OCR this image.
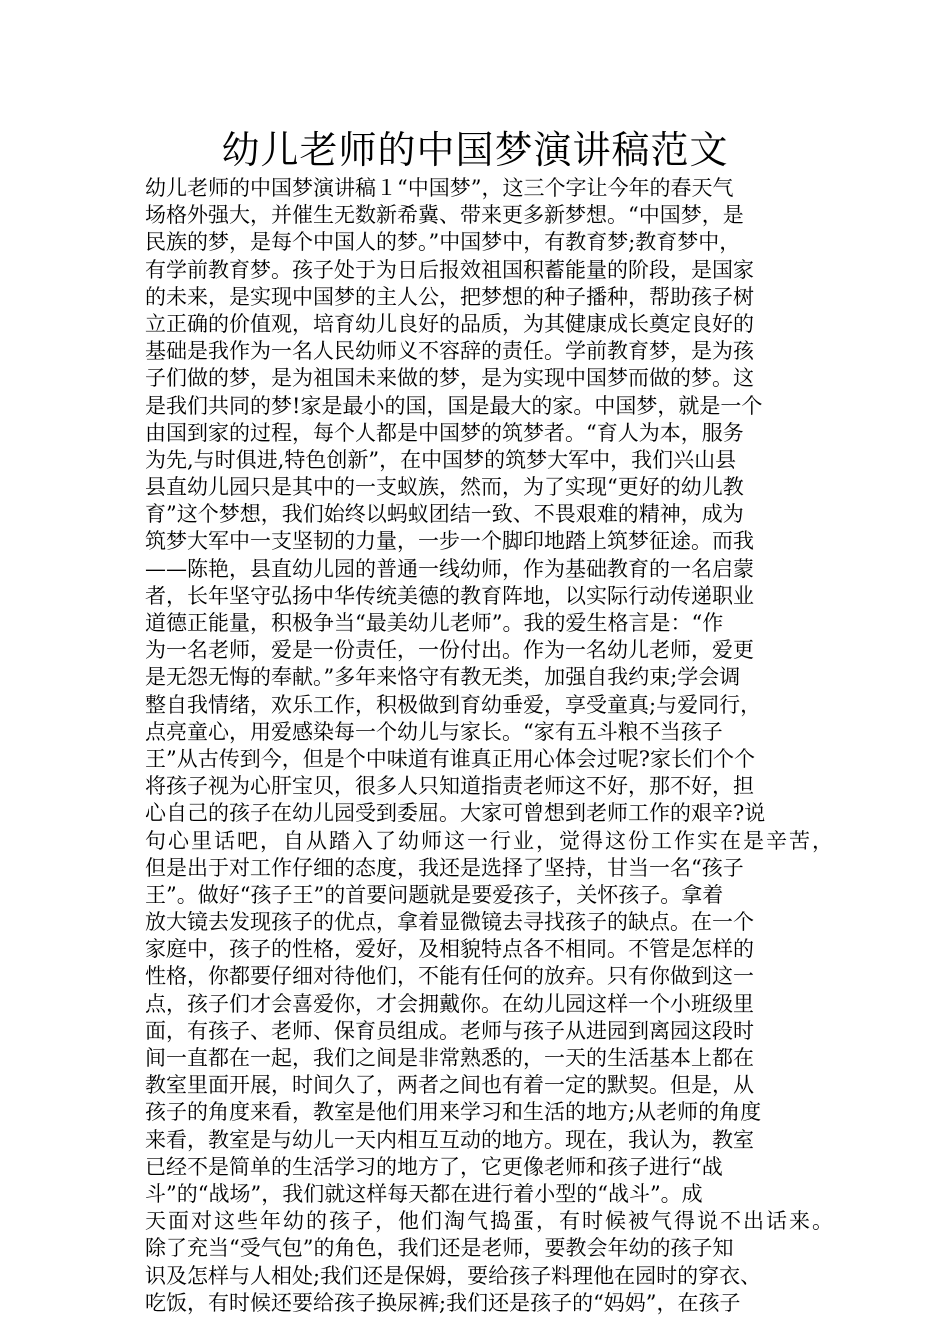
幼儿老师的中国梦演讲稿范文
幼儿老师的中国梦演讲稿１“中国梦”，这三个字让今年的春天气
场格外强大，并催生无数新希冀、带来更多新梦想。“中国梦，是
民族的梦，是每个中国人的梦。”中国梦中，有教育梦;教育梦中，
有学前教育梦。孩子处于为日后报效祖国积蓄能量的阶段，是国家
的未来，是实现中国梦的主人公，把梦想的种子播种，帮助孩子树
立正确的价值观，培育幼儿良好的品质，为其健康成长奠定良好的
基础是我作为一名人民幼师义不容辞的责任。学前教育梦，是为孩
子们做的梦，是为祖国未来做的梦，是为实现中国梦而做的梦。这
是我们共同的梦!家是最小的国，国是最大的家。中国梦，就是一个
由国到家的过程，每个人都是中国梦的筑梦者。“育人为本，服务
为先,与时俱进,特色创新”，在中国梦的筑梦大军中，我们兴山县
县直幼儿园只是其中的一支蚁族，然而，为了实现“更好的幼儿教
育”这个梦想，我们始终以蚂蚁团结一致、不畏艰难的精神，成为
筑梦大军中一支坚韧的力量，一步一个脚印地踏上筑梦征途。而我
——陈艳，县直幼儿园的普通一线幼师，作为基础教育的一名启蒙
者，长年坚守弘扬中华传统美德的教育阵地，以实际行动传递职业
道德正能量，积极争当“最美幼儿老师”。我的爱生格言是：“作
为一名老师，爱是一份责任，一份付出。作为一名幼儿老师，爱更
是无怨无悔的奉献。”多年来恪守有教无类，加强自我约束;学会调
整自我情绪，欢乐工作，积极做到育幼垂爱，享受童真;与爱同行，
点亮童心，用爱感染每一个幼儿与家长。“家有五斗粮不当孩子
王”从古传到今，但是个中味道有谁真正用心体会过呢?家长们个个
将孩子视为心肝宝贝，很多人只知道指责老师这不好，那不好，担
心自己的孩子在幼儿园受到委屈。大家可曾想到老师工作的艰辛?说
句心里话吧，自从踏入了幼师这一行业，觉得这份工作实在是辛苦，
但是出于对工作仔细的态度，我还是选择了坚持，甘当一名“孩子
王”。做好“孩子王”的首要问题就是要爱孩子，关怀孩子。拿着
放大镜去发现孩子的优点，拿着显微镜去寻找孩子的缺点。在一个
家庭中，孩子的性格，爱好，及相貌特点各不相同。不管是怎样的
性格，你都要仔细对待他们，不能有任何的放弃。只有你做到这一
点，孩子们才会喜爱你，才会拥戴你。在幼儿园这样一个小班级里
面，有孩子、老师、保育员组成。老师与孩子从进园到离园这段时
间一直都在一起，我们之间是非常熟悉的，一天的生活基本上都在
教室里面开展，时间久了，两者之间也有着一定的默契。但是，从
孩子的角度来看，教室是他们用来学习和生活的地方;从老师的角度
来看，教室是与幼儿一天内相互互动的地方。现在，我认为，教室
已经不是简单的生活学习的地方了，它更像老师和孩子进行“战
斗”的“战场”，我们就这样每天都在进行着小型的“战斗”。成
天面对这些年幼的孩子，他们淘气捣蛋，有时候被气得说不出话来。
除了充当“受气包”的角色，我们还是老师，要教会年幼的孩子知
识及怎样与人相处;我们还是保姆，要给孩子料理他在园时的穿衣、
吃饭，有时候还要给孩子换尿裤;我们还是孩子的“妈妈”，在孩子
